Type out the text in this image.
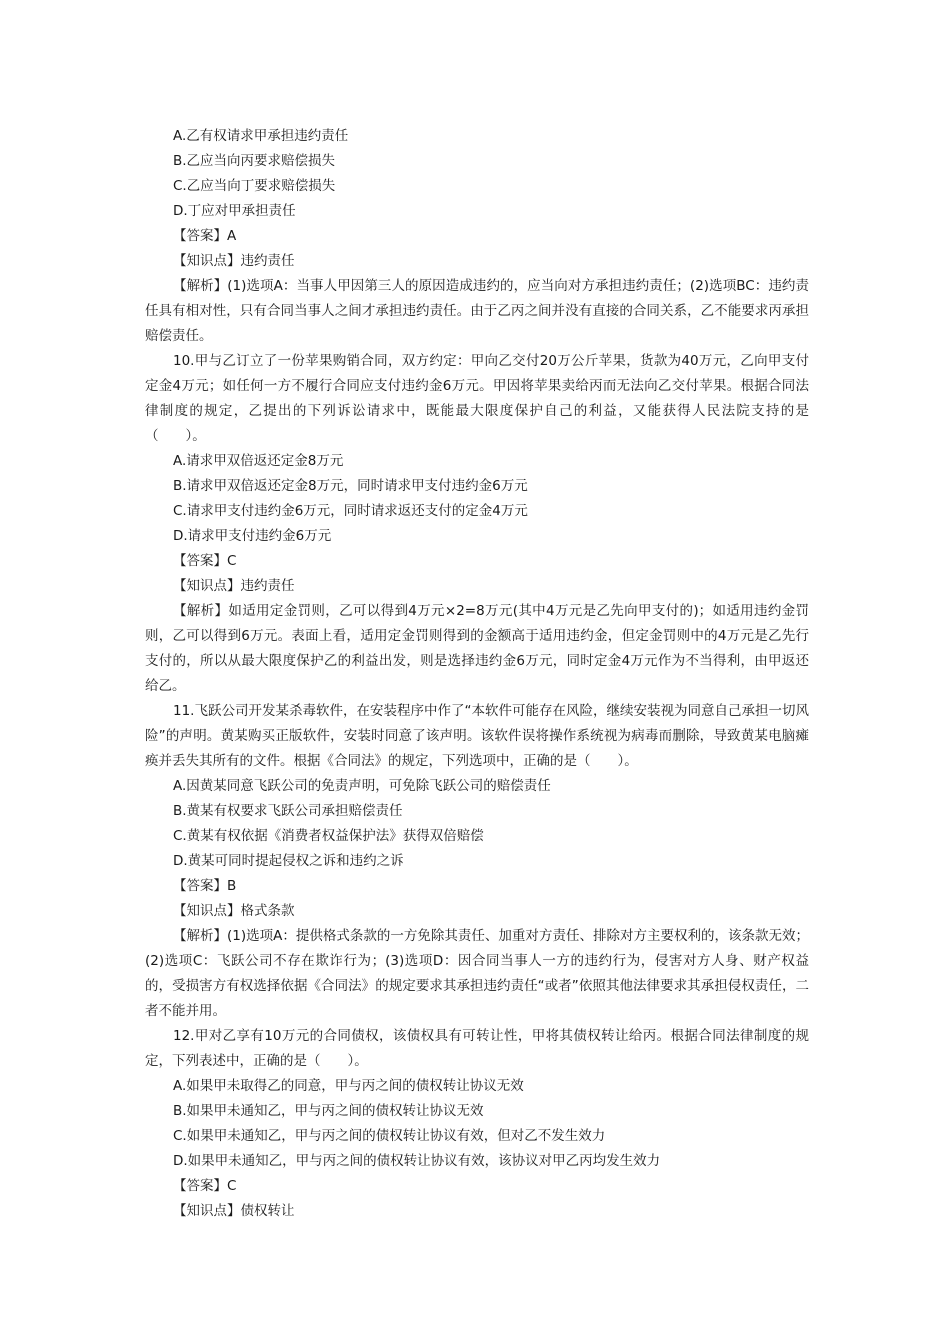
A.乙有权请求甲承担违约责任

B.乙应当向丙要求赔偿损失

C.乙应当向丁要求赔偿损失

D.丁应对甲承担责任

【答案】A

【知识点】违约责任

【解析】(1)选项A：当事人甲因第三人的原因造成违约的，应当向对方承担违约责任；(2)选项BC：违约责任具有相对性，只有合同当事人之间才承担违约责任。由于乙丙之间并没有直接的合同关系，乙不能要求丙承担赔偿责任。

10.甲与乙订立了一份苹果购销合同，双方约定：甲向乙交付20万公斤苹果，货款为40万元，乙向甲支付定金4万元；如任何一方不履行合同应支付违约金6万元。甲因将苹果卖给丙而无法向乙交付苹果。根据合同法律制度的规定，乙提出的下列诉讼请求中，既能最大限度保护自己的利益，又能获得人民法院支持的是（　　）。

A.请求甲双倍返还定金8万元

B.请求甲双倍返还定金8万元，同时请求甲支付违约金6万元

C.请求甲支付违约金6万元，同时请求返还支付的定金4万元

D.请求甲支付违约金6万元

【答案】C

【知识点】违约责任

【解析】如适用定金罚则，乙可以得到4万元×2=8万元(其中4万元是乙先向甲支付的)；如适用违约金罚则，乙可以得到6万元。表面上看，适用定金罚则得到的金额高于适用违约金，但定金罚则中的4万元是乙先行支付的，所以从最大限度保护乙的利益出发，则是选择违约金6万元，同时定金4万元作为不当得利，由甲返还给乙。

11.飞跃公司开发某杀毒软件，在安装程序中作了“本软件可能存在风险，继续安装视为同意自己承担一切风险”的声明。黄某购买正版软件，安装时同意了该声明。该软件误将操作系统视为病毒而删除，导致黄某电脑瘫痪并丢失其所有的文件。根据《合同法》的规定，下列选项中，正确的是（　　）。

A.因黄某同意飞跃公司的免责声明，可免除飞跃公司的赔偿责任

B.黄某有权要求飞跃公司承担赔偿责任

C.黄某有权依据《消费者权益保护法》获得双倍赔偿

D.黄某可同时提起侵权之诉和违约之诉

【答案】B

【知识点】格式条款

【解析】(1)选项A：提供格式条款的一方免除其责任、加重对方责任、排除对方主要权利的，该条款无效；(2)选项C：飞跃公司不存在欺诈行为；(3)选项D：因合同当事人一方的违约行为，侵害对方人身、财产权益的，受损害方有权选择依据《合同法》的规定要求其承担违约责任“或者”依照其他法律要求其承担侵权责任，二者不能并用。

12.甲对乙享有10万元的合同债权，该债权具有可转让性，甲将其债权转让给丙。根据合同法律制度的规定，下列表述中，正确的是（　　）。

A.如果甲未取得乙的同意，甲与丙之间的债权转让协议无效

B.如果甲未通知乙，甲与丙之间的债权转让协议无效

C.如果甲未通知乙，甲与丙之间的债权转让协议有效，但对乙不发生效力

D.如果甲未通知乙，甲与丙之间的债权转让协议有效，该协议对甲乙丙均发生效力

【答案】C

【知识点】债权转让
